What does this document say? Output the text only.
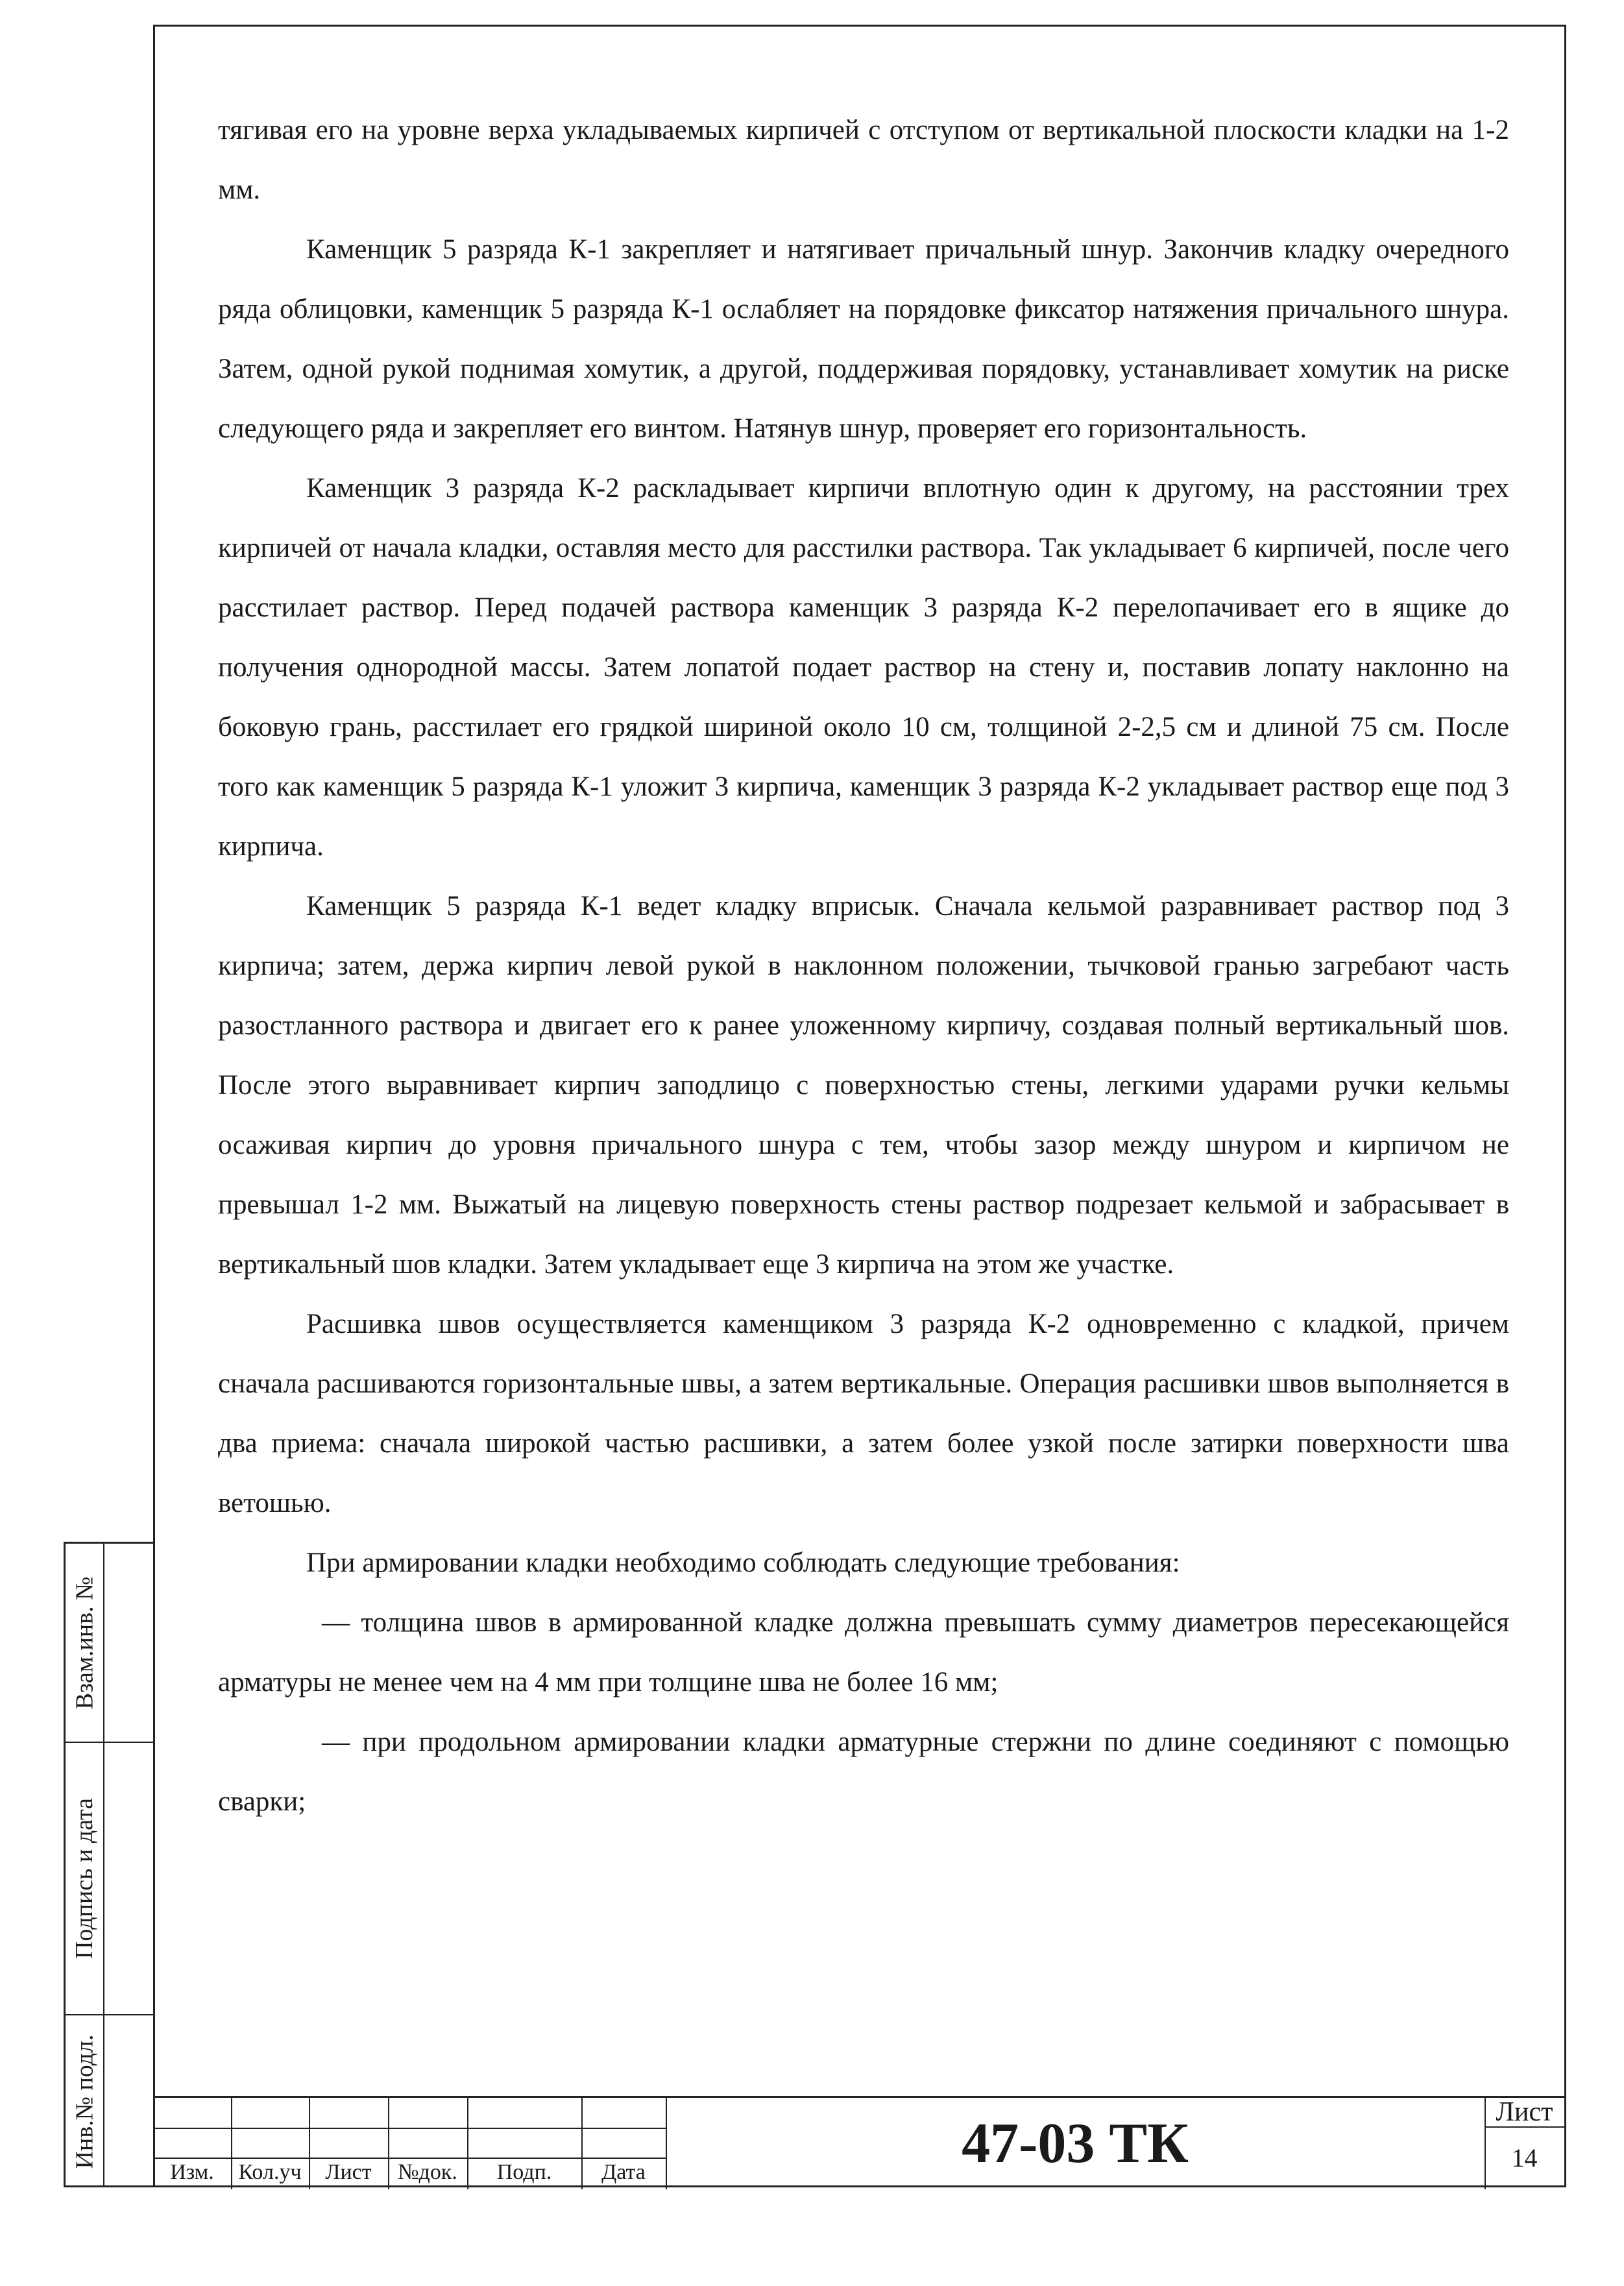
тягивая его на уровне верха укладываемых кирпичей с отступом от вертикальной плоскости кладки на 1-2 мм.

Каменщик 5 разряда К-1 закрепляет и натягивает причальный шнур. Закончив кладку очередного ряда облицовки, каменщик 5 разряда К-1 ослабляет на порядовке фиксатор натяжения причального шнура. Затем, одной рукой поднимая хомутик, а другой, поддерживая порядовку, устанавливает хомутик на риске следующего ряда и закрепляет его винтом. Натянув шнур, проверяет его горизонтальность.

Каменщик 3 разряда К-2 раскладывает кирпичи вплотную один к другому, на расстоянии трех кирпичей от начала кладки, оставляя место для расстилки раствора. Так укладывает 6 кирпичей, после чего расстилает раствор. Перед подачей раствора каменщик 3 разряда К-2 перелопачивает его в ящике до получения однородной массы. Затем лопатой подает раствор на стену и, поставив лопату наклонно на боковую грань, расстилает его грядкой шириной около 10 см, толщиной 2-2,5 см и длиной 75 см. После того как каменщик 5 разряда К-1 уложит 3 кирпича, каменщик 3 разряда К-2 укладывает раствор еще под 3 кирпича.

Каменщик 5 разряда К-1 ведет кладку вприсык. Сначала кельмой разравнивает раствор под 3 кирпича; затем, держа кирпич левой рукой в наклонном положении, тычковой гранью загребают часть разостланного раствора и двигает его к ранее уложенному кирпичу, создавая полный вертикальный шов. После этого выравнивает кирпич заподлицо с поверхностью стены, легкими ударами ручки кельмы осаживая кирпич до уровня причального шнура с тем, чтобы зазор между шнуром и кирпичом не превышал 1-2 мм. Выжатый на лицевую поверхность стены раствор подрезает кельмой и забрасывает в вертикальный шов кладки. Затем укладывает еще 3 кирпича на этом же участке.

Расшивка швов осуществляется каменщиком 3 разряда К-2 одновременно с кладкой, причем сначала расшиваются горизонтальные швы, а затем вертикальные. Операция расшивки швов выполняется в два приема: сначала широкой частью расшивки, а затем более узкой после затирки поверхности шва ветошью.

При армировании кладки необходимо соблюдать следующие требования:

— толщина швов в армированной кладке должна превышать сумму диаметров пересекающейся арматуры не менее чем на 4 мм при толщине шва не более 16 мм;

— при продольном армировании кладки арматурные стержни по длине соединяют с помощью сварки;

Взам.инв. №
Подпись и дата
Инв.№ подл.
Изм.	Кол.уч	Лист	№док.	Подп.	Дата	47-03 ТК	Лист
14
